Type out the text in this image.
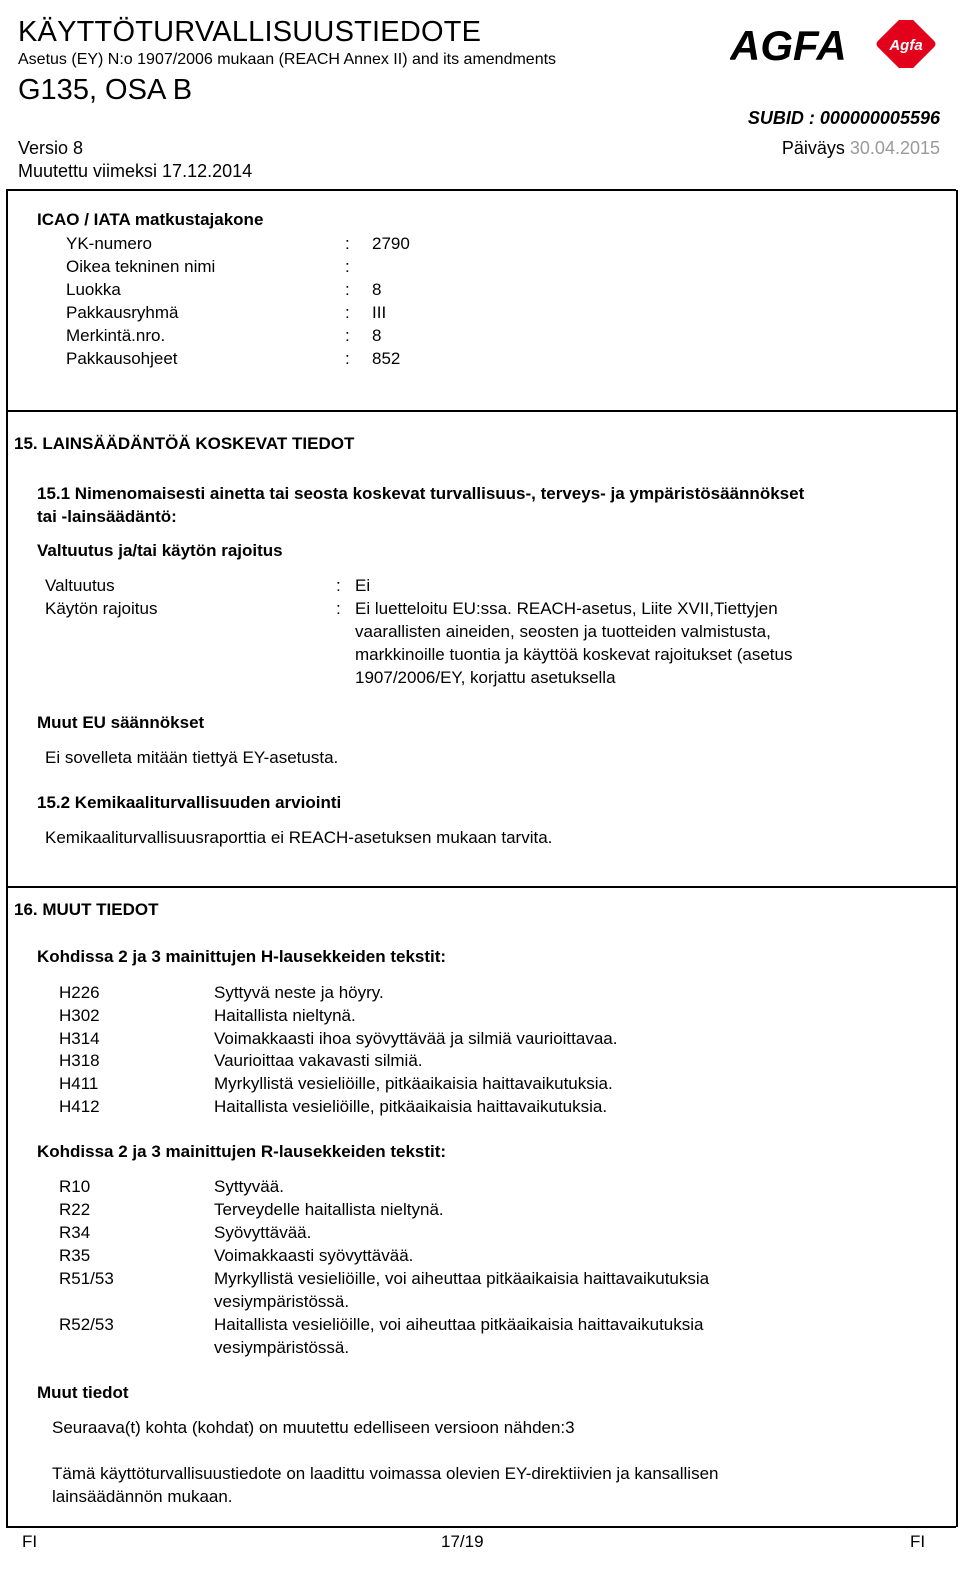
KÄYTTÖTURVALLISUUSTIEDOTE
Asetus (EY) N:o 1907/2006 mukaan (REACH Annex II) and its amendments
G135, OSA B
AGFA	Agfa
SUBID : 000000005596
Versio 8
Muutettu viimeksi 17.12.2014
Päiväys 30.04.2015
ICAO / IATA matkustajakone
YK-numero	: 2790
Oikea tekninen nimi	:
Luokka	: 8
Pakkausryhmä	: III
Merkintä.nro.	: 8
Pakkausohjeet	: 852
15. LAINSÄÄDÄNTÖÄ KOSKEVAT TIEDOT
15.1 Nimenomaisesti ainetta tai seosta koskevat turvallisuus-, terveys- ja ympäristösäännökset
tai -lainsäädäntö:
Valtuutus ja/tai käytön rajoitus
Valtuutus	: Ei
Käytön rajoitus	: Ei luetteloitu EU:ssa. REACH-asetus, Liite XVII,Tiettyjen
vaarallisten aineiden, seosten ja tuotteiden valmistusta,
markkinoille tuontia ja käyttöä koskevat rajoitukset (asetus
1907/2006/EY, korjattu asetuksella
Muut EU säännökset
Ei sovelleta mitään tiettyä EY-asetusta.
15.2 Kemikaaliturvallisuuden arviointi
Kemikaaliturvallisuusraporttia ei REACH-asetuksen mukaan tarvita.
16. MUUT TIEDOT
Kohdissa 2 ja 3 mainittujen H-lausekkeiden tekstit:
H226	Syttyvä neste ja höyry.
H302	Haitallista nieltynä.
H314	Voimakkaasti ihoa syövyttävää ja silmiä vaurioittavaa.
H318	Vaurioittaa vakavasti silmiä.
H411	Myrkyllistä vesieliöille, pitkäaikaisia haittavaikutuksia.
H412	Haitallista vesieliöille, pitkäaikaisia haittavaikutuksia.
Kohdissa 2 ja 3 mainittujen R-lausekkeiden tekstit:
R10	Syttyvää.
R22	Terveydelle haitallista nieltynä.
R34	Syövyttävää.
R35	Voimakkaasti syövyttävää.
R51/53	Myrkyllistä vesieliöille, voi aiheuttaa pitkäaikaisia haittavaikutuksia
vesiympäristössä.
R52/53	Haitallista vesieliöille, voi aiheuttaa pitkäaikaisia haittavaikutuksia
vesiympäristössä.
Muut tiedot
Seuraava(t) kohta (kohdat) on muutettu edelliseen versioon nähden:3
Tämä käyttöturvallisuustiedote on laadittu voimassa olevien EY-direktiivien ja kansallisen
lainsäädännön mukaan.
FI	17/19	FI
